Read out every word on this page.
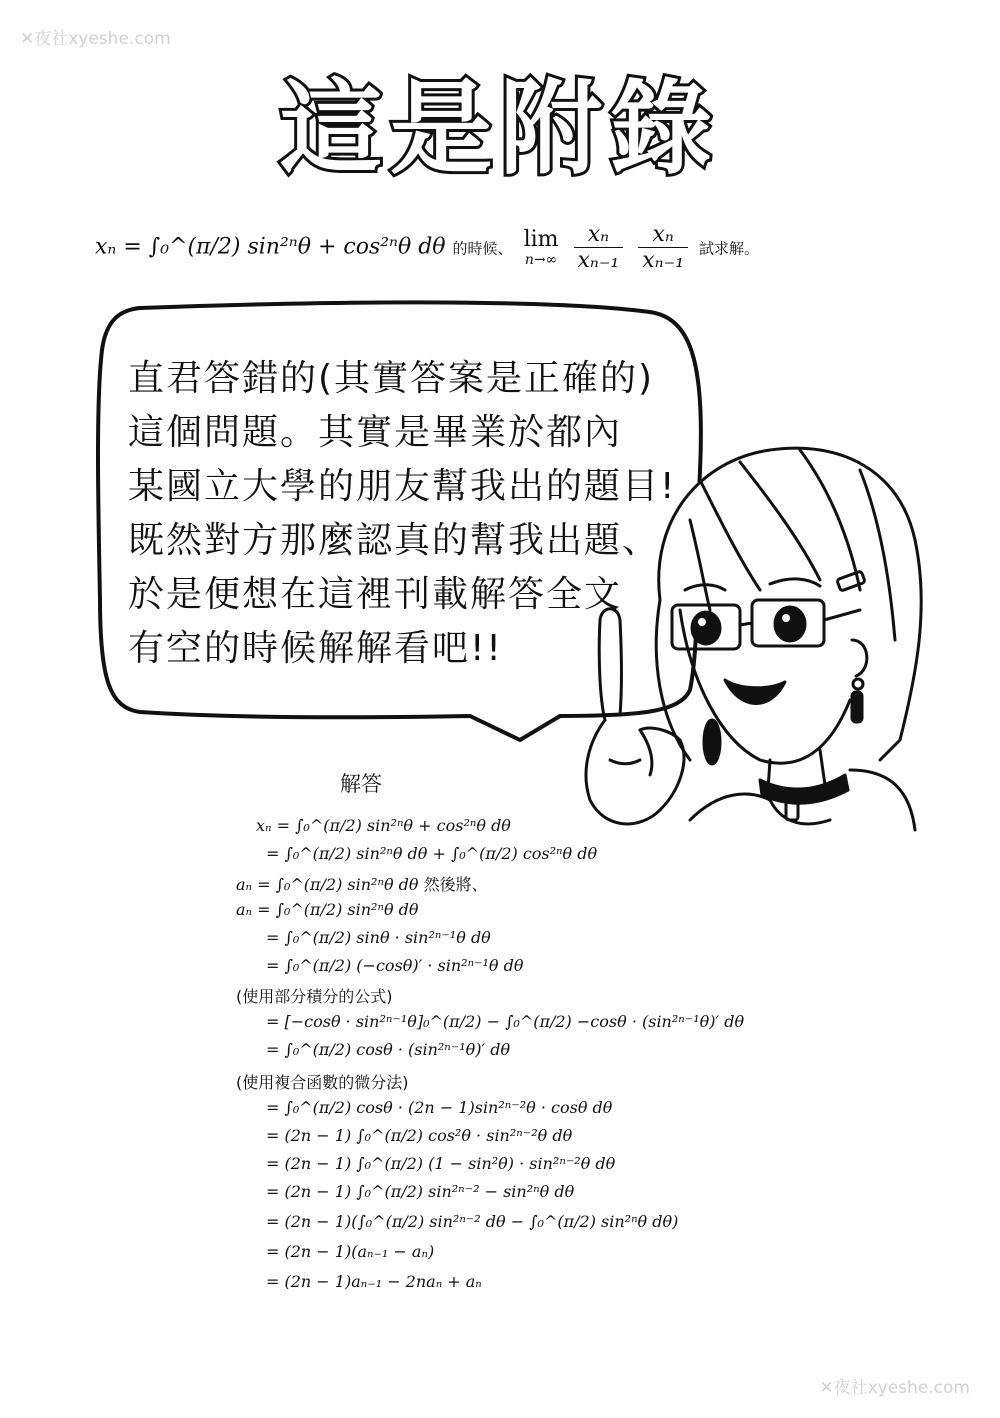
✕夜社xyeshe.com
這是附錄
xₙ = ∫₀^(π/2) sin²ⁿθ + cos²ⁿθ dθ 的時候、 lim
n→∞
$\frac{\text{xₙ}}{\text{xₙ₋₁}}$
$\frac{\text{xₙ}}{\text{xₙ₋₁}}$ 試求解。
直君答錯的(其實答案是正確的)
這個問題。其實是畢業於都內
某國立大學的朋友幫我出的題目!
既然對方那麼認真的幫我出題、
於是便想在這裡刊載解答全文
有空的時候解解看吧!!
解答
xₙ = ∫₀^(π/2) sin²ⁿθ + cos²ⁿθ dθ
= ∫₀^(π/2) sin²ⁿθ dθ + ∫₀^(π/2) cos²ⁿθ dθ
aₙ = ∫₀^(π/2) sin²ⁿθ dθ 然後將、
aₙ = ∫₀^(π/2) sin²ⁿθ dθ
= ∫₀^(π/2) sinθ · sin²ⁿ⁻¹θ dθ
= ∫₀^(π/2) (−cosθ)′ · sin²ⁿ⁻¹θ dθ
(使用部分積分的公式)
= [−cosθ · sin²ⁿ⁻¹θ]₀^(π/2) − ∫₀^(π/2) −cosθ · (sin²ⁿ⁻¹θ)′ dθ
= ∫₀^(π/2) cosθ · (sin²ⁿ⁻¹θ)′ dθ
(使用複合函數的微分法)
= ∫₀^(π/2) cosθ · (2n − 1)sin²ⁿ⁻²θ · cosθ dθ
= (2n − 1) ∫₀^(π/2) cos²θ · sin²ⁿ⁻²θ dθ
= (2n − 1) ∫₀^(π/2) (1 − sin²θ) · sin²ⁿ⁻²θ dθ
= (2n − 1) ∫₀^(π/2) sin²ⁿ⁻² − sin²ⁿθ dθ
= (2n − 1)(∫₀^(π/2) sin²ⁿ⁻² dθ − ∫₀^(π/2) sin²ⁿθ dθ)
= (2n − 1)(aₙ₋₁ − aₙ)
= (2n − 1)aₙ₋₁ − 2naₙ + aₙ
✕夜社xyeshe.com
